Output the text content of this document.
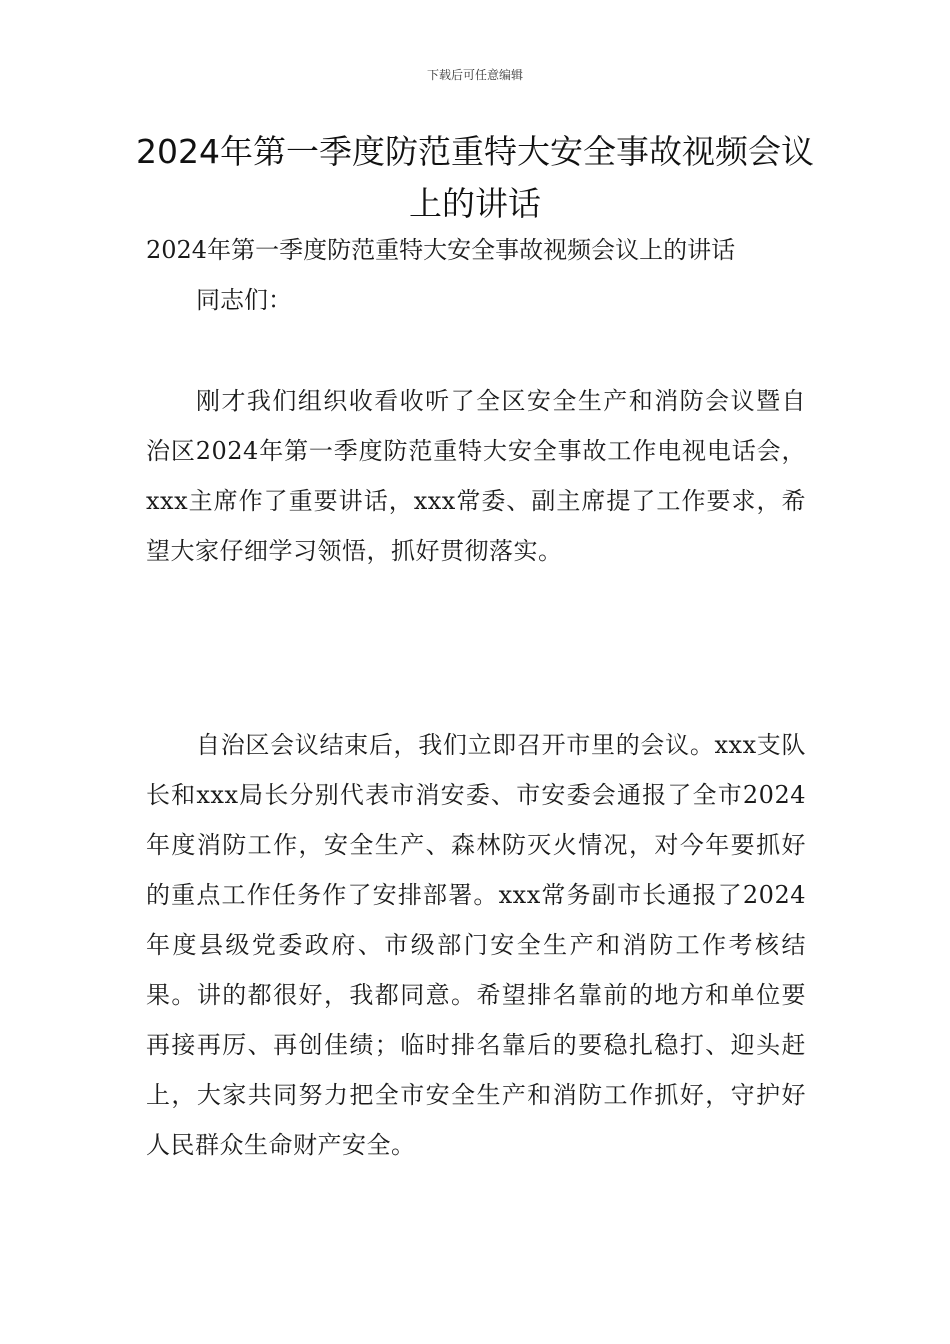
下载后可任意编辑
2024年第一季度防范重特大安全事故视频会议上的讲话
2024年第一季度防范重特大安全事故视频会议上的讲话
同志们：

刚才我们组织收看收听了全区安全生产和消防会议暨自治区2024年第一季度防范重特大安全事故工作电视电话会，xxx主席作了重要讲话，xxx常委、副主席提了工作要求，希望大家仔细学习领悟，抓好贯彻落实。

自治区会议结束后，我们立即召开市里的会议。xxx支队长和xxx局长分别代表市消安委、市安委会通报了全市2024年度消防工作，安全生产、森林防灭火情况，对今年要抓好的重点工作任务作了安排部署。xxx常务副市长通报了2024年度县级党委政府、市级部门安全生产和消防工作考核结果。讲的都很好，我都同意。希望排名靠前的地方和单位要再接再厉、再创佳绩；临时排名靠后的要稳扎稳打、迎头赶上，大家共同努力把全市安全生产和消防工作抓好，守护好人民群众生命财产安全。
